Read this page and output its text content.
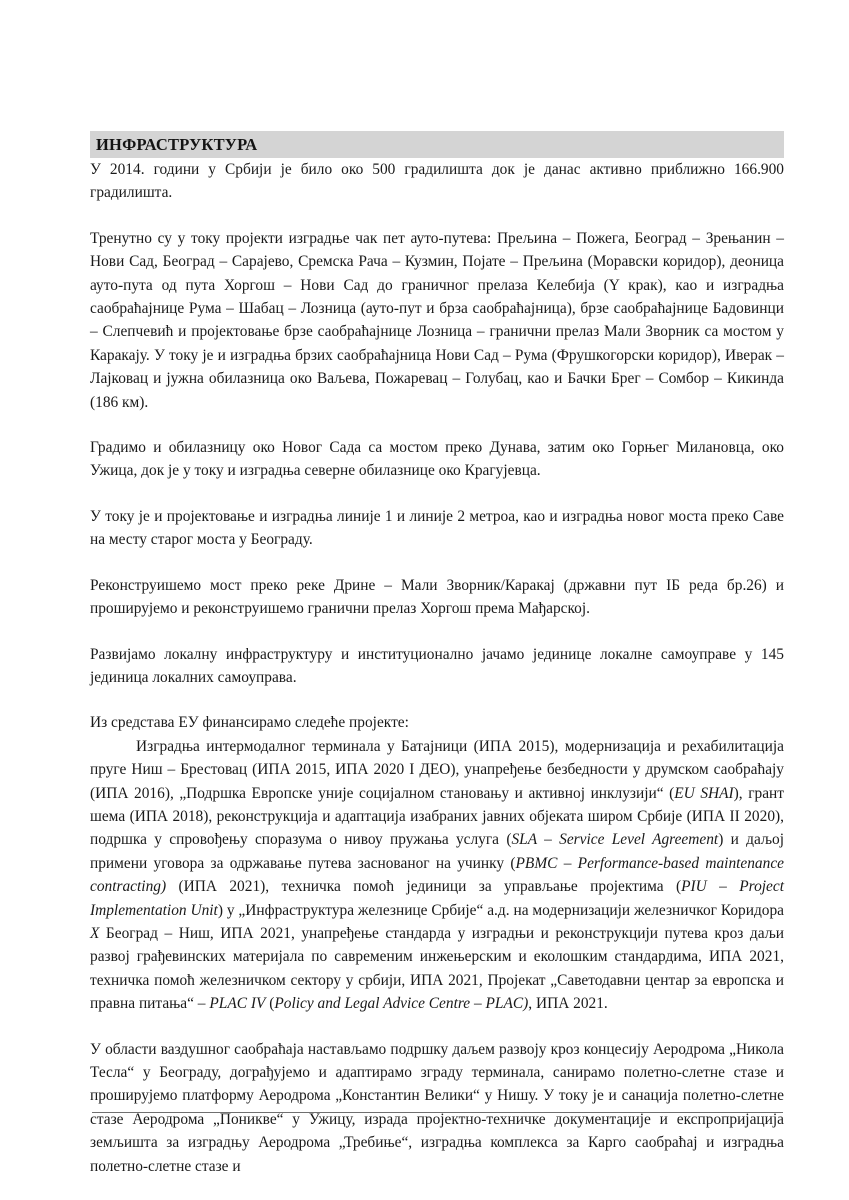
ИНФРАСТРУКТУРА

У 2014. години у Србији је било око 500 градилишта док је данас активно приближно 166.900 градилишта.

Тренутно су у току пројекти изградње чак пет ауто-путева: Прељина – Пожега, Београд – Зрењанин – Нови Сад, Београд – Сарајево, Сремска Рача – Кузмин, Појате – Прељина (Моравски коридор), деоница ауто-пута од пута Хоргош – Нови Сад до граничног прелаза Келебија (Y крак), као и изградња саобраћајнице Рума – Шабац – Лозница (ауто-пут и брза саобраћајница), брзе саобраћајнице Бадовинци – Слепчевић и пројектовање брзе саобраћајнице Лозница – гранични прелаз Мали Зворник са мостом у Каракају. У току је и изградња брзих саобраћајница Нови Сад – Рума (Фрушкогорски коридор), Иверак – Лајковац и јужна обилазница око Ваљева, Пожаревац – Голубац, као и Бачки Брег – Сомбор – Кикинда (186 км).

Градимо и обилазницу око Новог Сада са мостом преко Дунава, затим око Горњег Милановца, око Ужица, док је у току и изградња северне обилазнице око Крагујевца.

У току је и пројектовање и изградња линије 1 и линије 2 метроа, као и изградња новог моста преко Саве на месту старог моста у Београду.

Реконструишемо мост преко реке Дрине – Мали Зворник/Каракај (државни пут IБ реда бр.26) и проширујемо и реконструишемо гранични прелаз Хоргош према Мађарској.

Развијамо локалну инфраструктуру и институционално јачамо јединице локалне самоуправе у 145 јединица локалних самоуправа.

Из средстава ЕУ финансирамо следеће пројекте:

Изградња интермодалног терминала у Батајници (ИПА 2015), модернизација и рехабилитација пруге Ниш – Брестовац (ИПА 2015, ИПА 2020 I ДЕО), унапређење безбедности у друмском саобраћају (ИПА 2016), „Подршка Европске уније социјалном становању и активној инклузији“ (EU SHAI), грант шема (ИПА 2018), реконструкција и адаптација изабраних јавних објеката широм Србије (ИПА II 2020), подршка у спровођењу споразума о нивоу пружања услуга (SLA – Service Level Agreement) и даљој примени уговора за одржавање путева заснованог на учинку (PBMC – Performance-based maintenance contracting) (ИПА 2021), техничка помоћ јединици за управљање пројектима (PIU – Project Implementation Unit) у „Инфраструктура железнице Србије“ а.д. на модернизацији железничког Коридора X Београд – Ниш, ИПА 2021, унапређење стандарда у изградњи и реконструкцији путева кроз даљи развој грађевинских материјала по савременим инжењерским и еколошким стандардима, ИПА 2021, техничка помоћ железничком сектору у србији, ИПА 2021, Пројекат „Саветодавни центар за европска и правна питања“ – PLAC IV (Policy and Legal Advice Centre – PLAC), ИПА 2021.

У области ваздушног саобраћаја настављамо подршку даљем развоју кроз концесију Аеродрома „Никола Тесла“ у Београду, дограђујемо и адаптирамо зграду терминала, санирамо полетно-слетне стазе и проширујемо платформу Аеродрома „Константин Велики“ у Нишу. У току је и санација полетно-слетне стазе Аеродрома „Поникве“ у Ужицу, израда пројектно-техничке документације и експропријација земљишта за изградњу Аеродрома „Требиње“, изградња комплекса за Карго саобраћај и изградња полетно-слетне стазе и
